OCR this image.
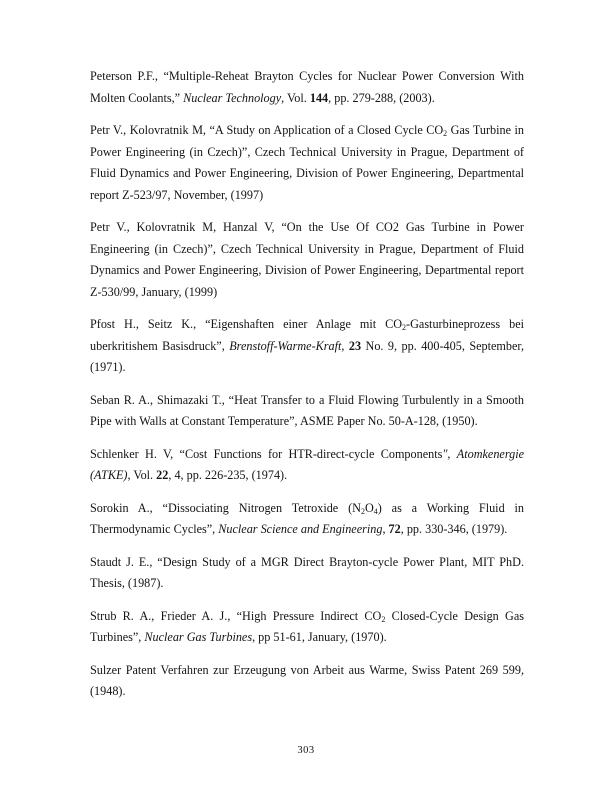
Peterson P.F., “Multiple-Reheat Brayton Cycles for Nuclear Power Conversion With Molten Coolants,” Nuclear Technology, Vol. 144, pp. 279-288, (2003).

Petr V., Kolovratnik M, “A Study on Application of a Closed Cycle $CO_2$ Gas Turbine in Power Engineering (in Czech)”, Czech Technical University in Prague, Department of Fluid Dynamics and Power Engineering, Division of Power Engineering, Departmental report Z-523/97, November, (1997)

Petr V., Kolovratnik M, Hanzal V, “On the Use Of CO2 Gas Turbine in Power Engineering (in Czech)”, Czech Technical University in Prague, Department of Fluid Dynamics and Power Engineering, Division of Power Engineering, Departmental report Z-530/99, January, (1999)

Pfost H., Seitz K., “Eigenshaften einer Anlage mit $CO_2$-Gasturbineprozess bei uberkritishem Basisdruck”, Brenstoff-Warme-Kraft, 23 No. 9, pp. 400-405, September, (1971).

Seban R. A., Shimazaki T., “Heat Transfer to a Fluid Flowing Turbulently in a Smooth Pipe with Walls at Constant Temperature”, ASME Paper No. 50-A-128, (1950).

Schlenker H. V, “Cost Functions for HTR-direct-cycle Components″, Atomkenergie (ATKE), Vol. 22, 4, pp. 226-235, (1974).

Sorokin A., “Dissociating Nitrogen Tetroxide $(N_2O_4)$ as a Working Fluid in Thermodynamic Cycles”, Nuclear Science and Engineering, 72, pp. 330-346, (1979).

Staudt J. E., “Design Study of a MGR Direct Brayton-cycle Power Plant, MIT PhD. Thesis, (1987).

Strub R. A., Frieder A. J., “High Pressure Indirect $CO_2$ Closed-Cycle Design Gas Turbines”, Nuclear Gas Turbines, pp 51-61, January, (1970).

Sulzer Patent Verfahren zur Erzeugung von Arbeit aus Warme, Swiss Patent 269 599, (1948).

303
